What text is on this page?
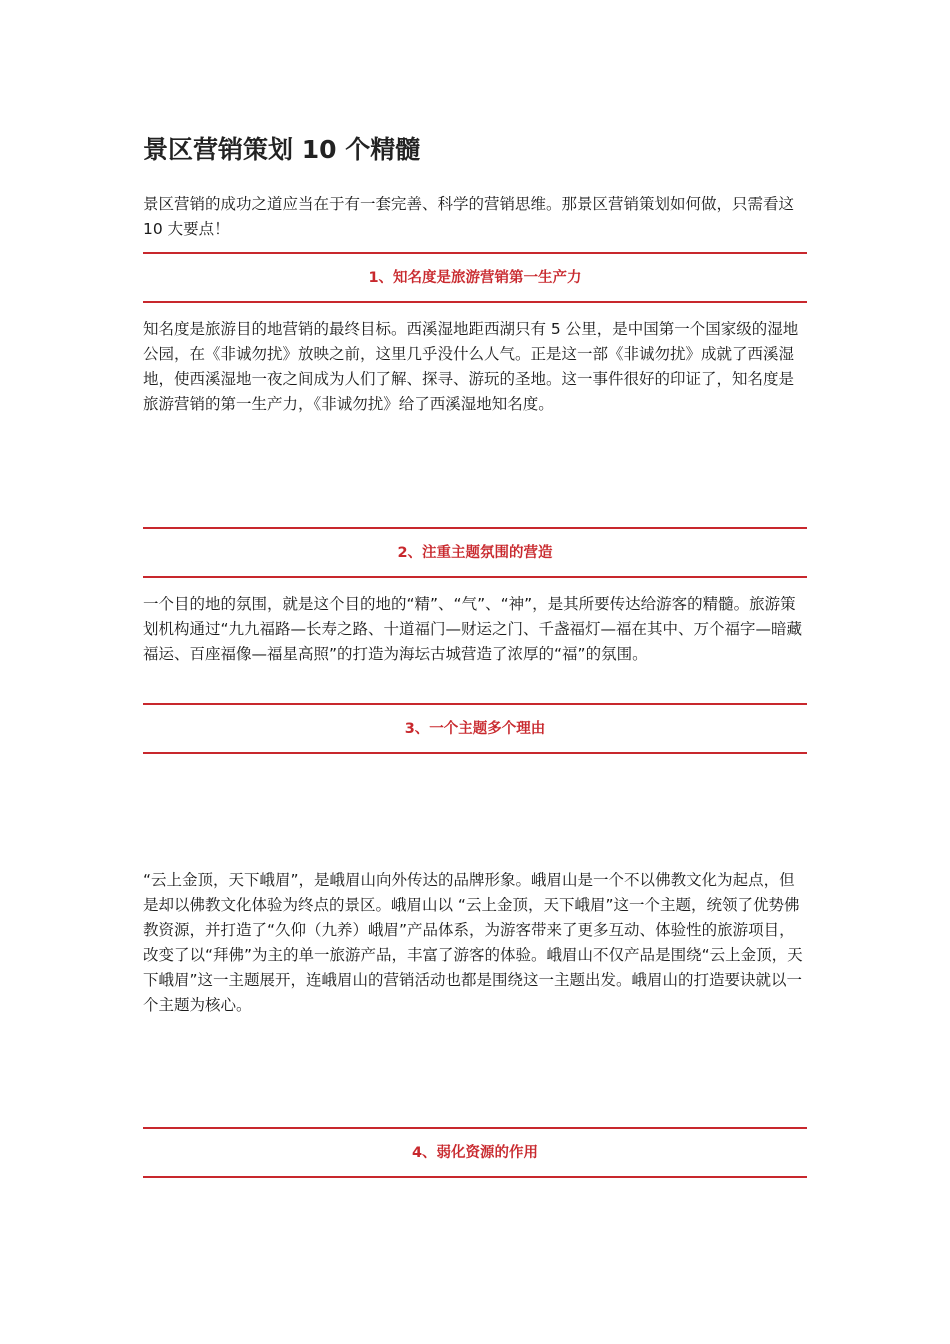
景区营销策划 10 个精髓

景区营销的成功之道应当在于有一套完善、科学的营销思维。那景区营销策划如何做，只需看这 10 大要点！

1、知名度是旅游营销第一生产力

知名度是旅游目的地营销的最终目标。西溪湿地距西湖只有 5 公里，是中国第一个国家级的湿地公园，在《非诚勿扰》放映之前，这里几乎没什么人气。正是这一部《非诚勿扰》成就了西溪湿地，使西溪湿地一夜之间成为人们了解、探寻、游玩的圣地。这一事件很好的印证了，知名度是旅游营销的第一生产力，《非诚勿扰》给了西溪湿地知名度。

2、注重主题氛围的营造

一个目的地的氛围，就是这个目的地的“精”、“气”、“神”，是其所要传达给游客的精髓。旅游策划机构通过“九九福路—长寿之路、十道福门—财运之门、千盏福灯—福在其中、万个福字—暗藏福运、百座福像—福星高照”的打造为海坛古城营造了浓厚的“福”的氛围。

3、一个主题多个理由

“云上金顶，天下峨眉”，是峨眉山向外传达的品牌形象。峨眉山是一个不以佛教文化为起点，但是却以佛教文化体验为终点的景区。峨眉山以 “云上金顶，天下峨眉”这一个主题，统领了优势佛教资源，并打造了“久仰（九养）峨眉”产品体系，为游客带来了更多互动、体验性的旅游项目，改变了以“拜佛”为主的单一旅游产品，丰富了游客的体验。峨眉山不仅产品是围绕“云上金顶，天下峨眉”这一主题展开，连峨眉山的营销活动也都是围绕这一主题出发。峨眉山的打造要诀就以一个主题为核心。

4、弱化资源的作用
